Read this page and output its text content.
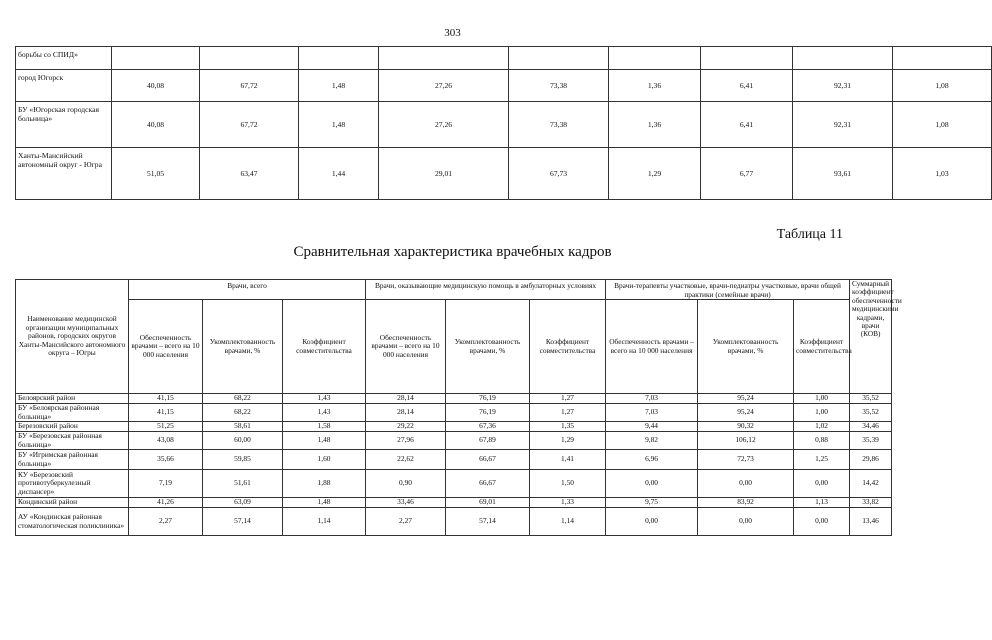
303
борьбы со СПИД»									
город Югорск	40,08	67,72	1,48	27,26	73,38	1,36	6,41	92,31	1,08
БУ «Югорская городская больница»	40,08	67,72	1,48	27,26	73,38	1,36	6,41	92,31	1,08
Ханты-Мансийский автономный округ - Югра	51,05	63,47	1,44	29,01	67,73	1,29	6,77	93,61	1,03
Таблица 11
Сравнительная характеристика врачебных кадров
Наименование медицинской организации муниципальных районов, городских округов Ханты-Мансийского автономного округа – Югры	Врачи, всего			Врачи, оказывающие медицинскую помощь в амбулаторных условиях			Врачи-терапевты участковые, врачи-педиатры участковые, врачи общей практики (семейные врачи)			Суммарный коэффициент обеспеченности медицинскими кадрами, врачи (КОВ)
	Обеспеченность врачами – всего на 10 000 населения	Укомплектованность врачами, %	Коэффициент совместительства	Обеспеченность врачами – всего на 10 000 населения	Укомплектованность врачами, %	Коэффициент совместительства	Обеспеченность врачами – всего на 10 000 населения	Укомплектованность врачами, %	Коэффициент совместительства	
Белоярский район	41,15	68,22	1,43	28,14	76,19	1,27	7,03	95,24	1,00	35,52
БУ «Белоярская районная больница»	41,15	68,22	1,43	28,14	76,19	1,27	7,03	95,24	1,00	35,52
Березовский район	51,25	58,61	1,58	29,22	67,36	1,35	9,44	90,32	1,02	34,46
БУ «Березовская районная больница»	43,08	60,00	1,48	27,96	67,89	1,29	9,82	106,12	0,88	35,39
БУ «Игримская районная больница»	35,66	59,85	1,60	22,62	66,67	1,41	6,96	72,73	1,25	29,86
КУ «Березовский противотуберкулезный диспансер»	7,19	51,61	1,88	0,90	66,67	1,50	0,00	0,00	0,00	14,42
Кондинский район	41,26	63,09	1,48	33,46	69,01	1,33	9,75	83,92	1,13	33,82
АУ «Кондинская районная стоматологическая поликлиника»	2,27	57,14	1,14	2,27	57,14	1,14	0,00	0,00	0,00	13,46
